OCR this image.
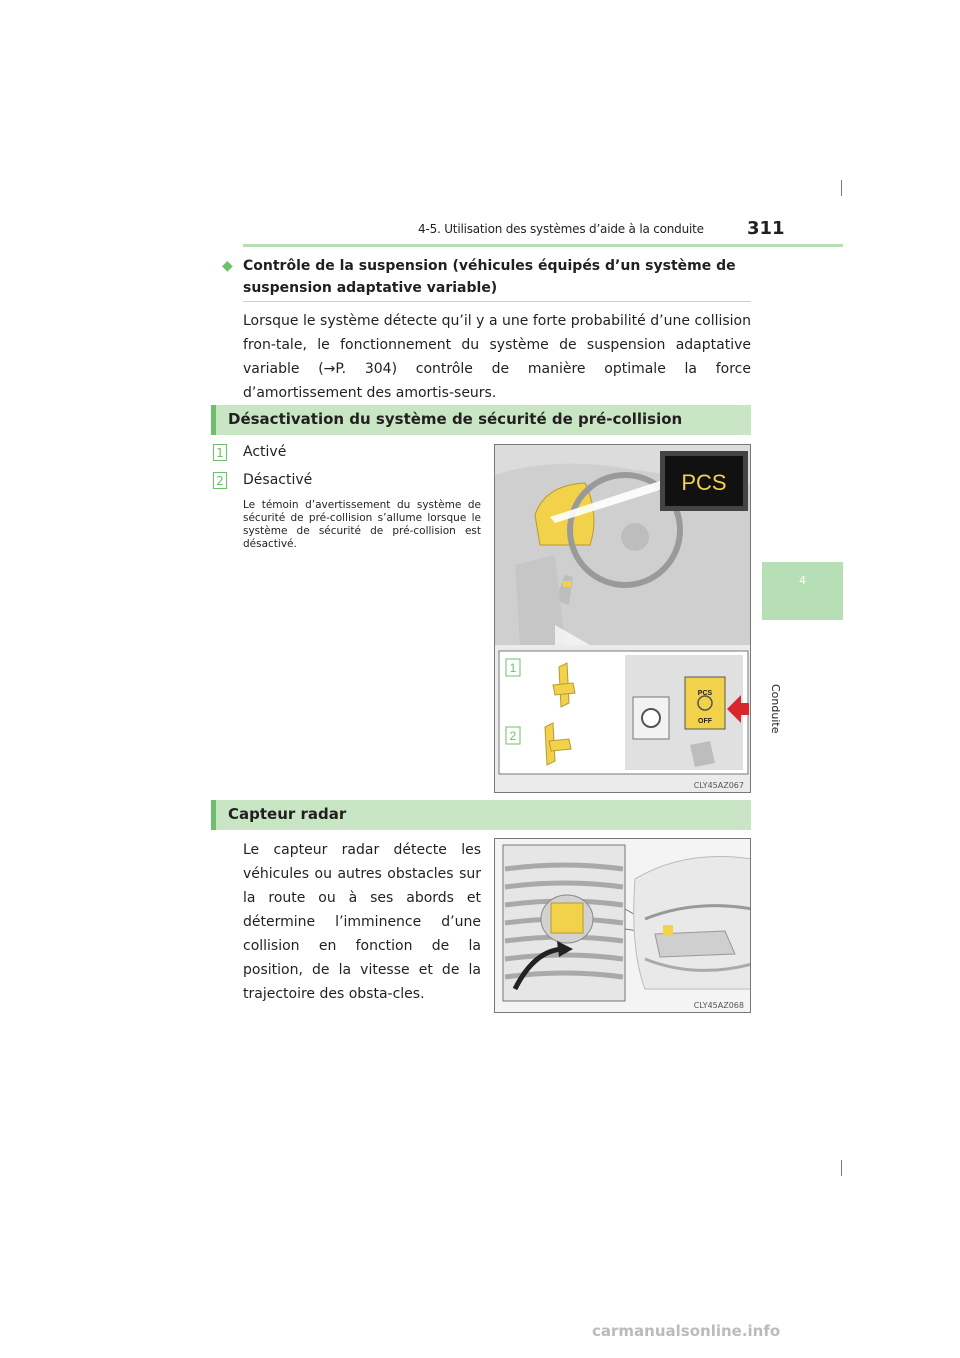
4-5. Utilisation des systèmes d’aide à la conduite 311
4
Conduite
◆ Contrôle de la suspension (véhicules équipés d’un système de suspension adaptative variable)
Lorsque le système détecte qu’il y a une forte probabilité d’une collision fron-tale, le fonctionnement du système de suspension adaptative variable (→P. 304) contrôle de manière optimale la force d’amortissement des amortis-seurs.
Désactivation du système de sécurité de pré-collision
1 Activé
2 Désactivé
Le témoin d’avertissement du système de sécurité de pré-collision s’allume lorsque le système de sécurité de pré-collision est désactivé.
PCS
PCS
OFF
1
2
CLY45AZ067
Capteur radar
Le capteur radar détecte les véhicules ou autres obstacles sur la route ou à ses abords et détermine l’imminence d’une collision en fonction de la position, de la vitesse et de la trajectoire des obsta-cles.
CLY45AZ068
carmanualsonline.info
